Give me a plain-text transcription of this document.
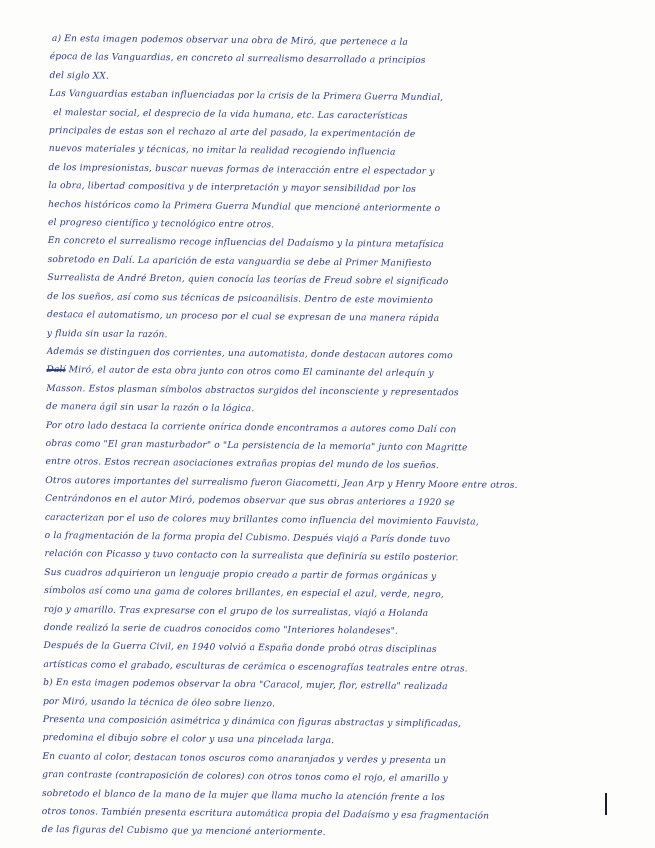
a) En esta imagen podemos observar una obra de Miró, que pertenece a la
época de las Vanguardias, en concreto al surrealismo desarrollado a principios
del siglo XX.
Las Vanguardias estaban influenciadas por la crisis de la Primera Guerra Mundial,
el malestar social, el desprecio de la vida humana, etc. Las características
principales de estas son el rechazo al arte del pasado, la experimentación de
nuevos materiales y técnicas, no imitar la realidad recogiendo influencia
de los impresionistas, buscar nuevas formas de interacción entre el espectador y
la obra, libertad compositiva y de interpretación y mayor sensibilidad por los
hechos históricos como la Primera Guerra Mundial que mencioné anteriormente o
el progreso científico y tecnológico entre otros.
En concreto el surrealismo recoge influencias del Dadaísmo y la pintura metafísica
sobretodo en Dalí. La aparición de esta vanguardia se debe al Primer Manifiesto
Surrealista de André Breton, quien conocía las teorías de Freud sobre el significado
de los sueños, así como sus técnicas de psicoanálisis. Dentro de este movimiento
destaca el automatismo, un proceso por el cual se expresan de una manera rápida
y fluida sin usar la razón.
Además se distinguen dos corrientes, una automatista, donde destacan autores como
Dalí Miró, el autor de esta obra junto con otros como El caminante del arlequín y
Masson. Estos plasman símbolos abstractos surgidos del inconsciente y representados
de manera ágil sin usar la razón o la lógica.
Por otro lado destaca la corriente onírica donde encontramos a autores como Dalí con
obras como "El gran masturbador" o "La persistencia de la memoria" junto con Magritte
entre otros. Estos recrean asociaciones extrañas propias del mundo de los sueños.
Otros autores importantes del surrealismo fueron Giacometti, Jean Arp y Henry Moore entre otros.
Centrándonos en el autor Miró, podemos observar que sus obras anteriores a 1920 se
caracterizan por el uso de colores muy brillantes como influencia del movimiento Fauvista,
o la fragmentación de la forma propia del Cubismo. Después viajó a París donde tuvo
relación con Picasso y tuvo contacto con la surrealista que definiría su estilo posterior.
Sus cuadros adquirieron un lenguaje propio creado a partir de formas orgánicas y
símbolos así como una gama de colores brillantes, en especial el azul, verde, negro,
rojo y amarillo. Tras expresarse con el grupo de los surrealistas, viajó a Holanda
donde realizó la serie de cuadros conocidos como "Interiores holandeses".
Después de la Guerra Civil, en 1940 volvió a España donde probó otras disciplinas
artísticas como el grabado, esculturas de cerámica o escenografías teatrales entre otras.
b) En esta imagen podemos observar la obra "Caracol, mujer, flor, estrella" realizada
por Miró, usando la técnica de óleo sobre lienzo.
Presenta una composición asimétrica y dinámica con figuras abstractas y simplificadas,
predomina el dibujo sobre el color y usa una pincelada larga.
En cuanto al color, destacan tonos oscuros como anaranjados y verdes y presenta un
gran contraste (contraposición de colores) con otros tonos como el rojo, el amarillo y
sobretodo el blanco de la mano de la mujer que llama mucho la atención frente a los
otros tonos. También presenta escritura automática propia del Dadaísmo y esa fragmentación
de las figuras del Cubismo que ya mencioné anteriormente.
